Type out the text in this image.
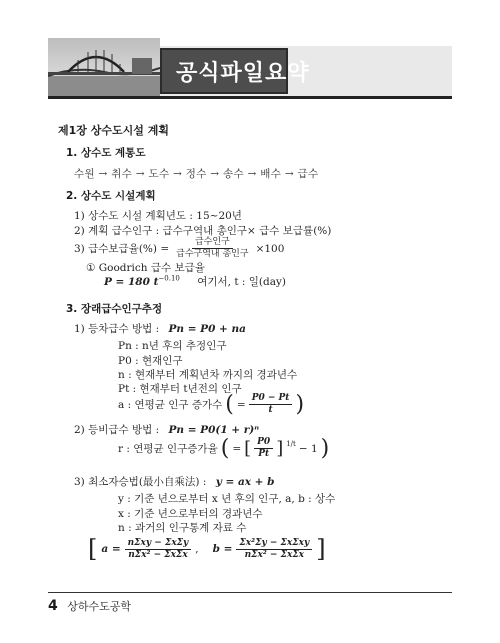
공식파일요약
제1장 상수도시설 계획
1. 상수도 계통도
수원 → 취수 → 도수 → 정수 → 송수 → 배수 → 급수
2. 상수도 시설계획
1) 상수도 시설 계획년도 : 15~20년
2) 계획 급수인구 : 급수구역내 총인구× 급수 보급률(%)
3) 급수보급율(%) = $\frac{\text{급수인구}}{\text{급수구역내 총인구}} \times 100$
① Goodrich 급수 보급율
P = 180 $t^{-0.10}$ 여기서, t : 일(day)
3. 장래급수인구추정
1) 등차급수 방법 : Pn = P0 + na
Pn : n년 후의 추정인구
P0 : 현재인구
n : 현재부터 계획년차 까지의 경과년수
Pt : 현재부터 t년전의 인구
a : 연평균 인구 증가수 ( = $\frac{P0 - Pt}{t}$ )
2) 등비급수 방법 : Pn = P0(1 + r)ⁿ
r : 연평균 인구증가율 ( = [ $\frac{P0}{Pt}$ ] $^{1/t}$ − 1 )
3) 최소자승법(最小自乘法) : y = ax + b
y : 기준 년으로부터 x 년 후의 인구, a, b : 상수
x : 기준 년으로부터의 경과년수
n : 과거의 인구통계 자료 수
[ $a = \frac{\text{nΣxy − ΣxΣy}}{\text{nΣx² − ΣxΣx}}$ , $b = \frac{\text{Σx²Σy − ΣxΣxy}}{\text{nΣx² − ΣxΣx}}$ ]
4 상하수도공학
